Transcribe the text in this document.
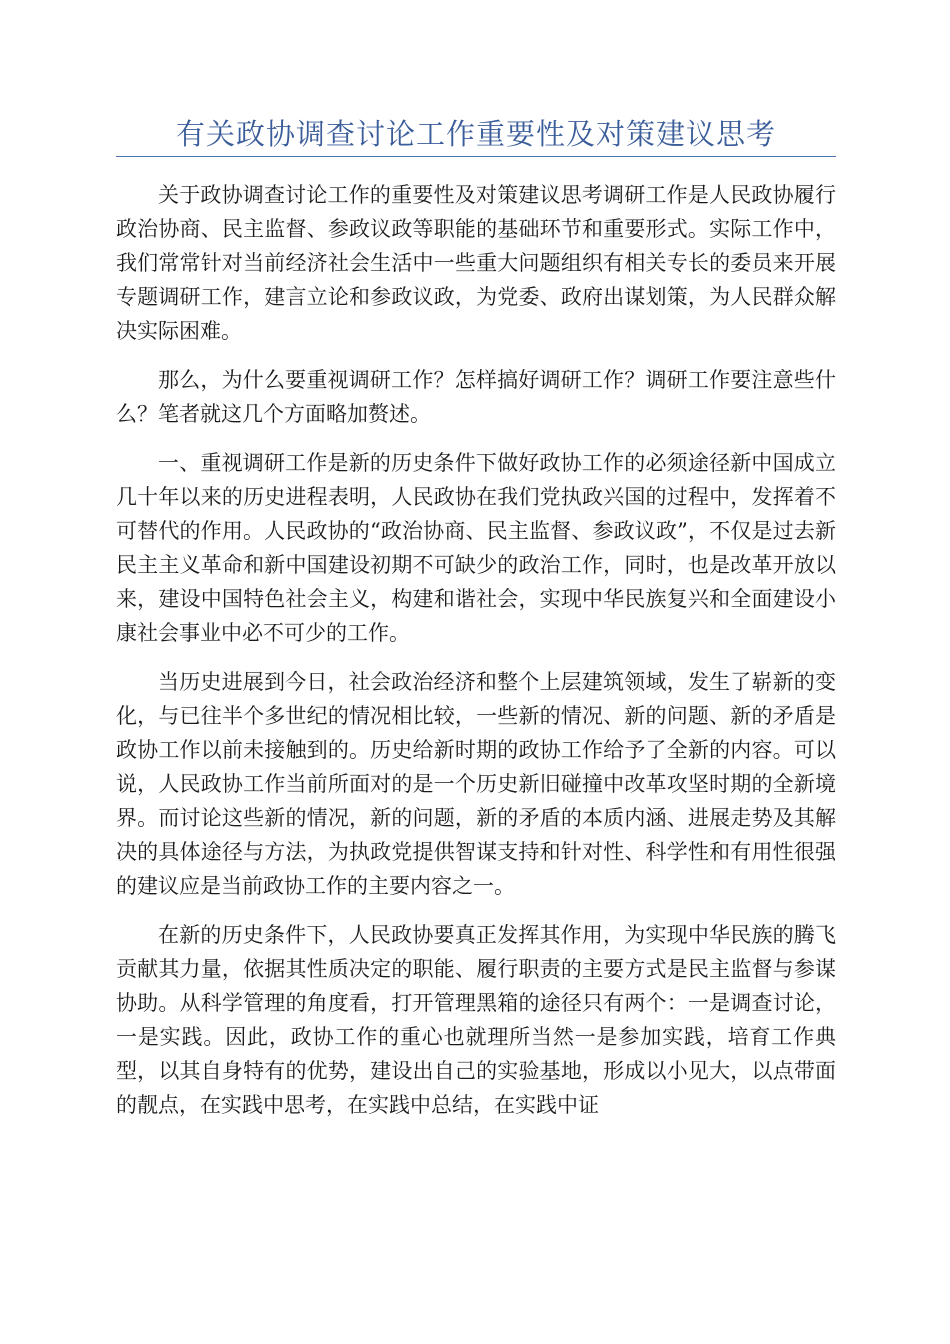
有关政协调查讨论工作重要性及对策建议思考

关于政协调查讨论工作的重要性及对策建议思考调研工作是人民政协履行政治协商、民主监督、参政议政等职能的基础环节和重要形式。实际工作中，我们常常针对当前经济社会生活中一些重大问题组织有相关专长的委员来开展专题调研工作，建言立论和参政议政，为党委、政府出谋划策，为人民群众解决实际困难。

那么，为什么要重视调研工作？怎样搞好调研工作？调研工作要注意些什么？笔者就这几个方面略加赘述。

一、重视调研工作是新的历史条件下做好政协工作的必须途径新中国成立几十年以来的历史进程表明，人民政协在我们党执政兴国的过程中，发挥着不可替代的作用。人民政协的“政治协商、民主监督、参政议政”，不仅是过去新民主主义革命和新中国建设初期不可缺少的政治工作，同时，也是改革开放以来，建设中国特色社会主义，构建和谐社会，实现中华民族复兴和全面建设小康社会事业中必不可少的工作。

当历史进展到今日，社会政治经济和整个上层建筑领域，发生了崭新的变化，与已往半个多世纪的情况相比较，一些新的情况、新的问题、新的矛盾是政协工作以前未接触到的。历史给新时期的政协工作给予了全新的内容。可以说，人民政协工作当前所面对的是一个历史新旧碰撞中改革攻坚时期的全新境界。而讨论这些新的情况，新的问题，新的矛盾的本质内涵、进展走势及其解决的具体途径与方法，为执政党提供智谋支持和针对性、科学性和有用性很强的建议应是当前政协工作的主要内容之一。

在新的历史条件下，人民政协要真正发挥其作用，为实现中华民族的腾飞贡献其力量，依据其性质决定的职能、履行职责的主要方式是民主监督与参谋协助。从科学管理的角度看，打开管理黑箱的途径只有两个：一是调查讨论，一是实践。因此，政协工作的重心也就理所当然一是参加实践，培育工作典型，以其自身特有的优势，建设出自己的实验基地，形成以小见大，以点带面的靓点，在实践中思考，在实践中总结，在实践中证
